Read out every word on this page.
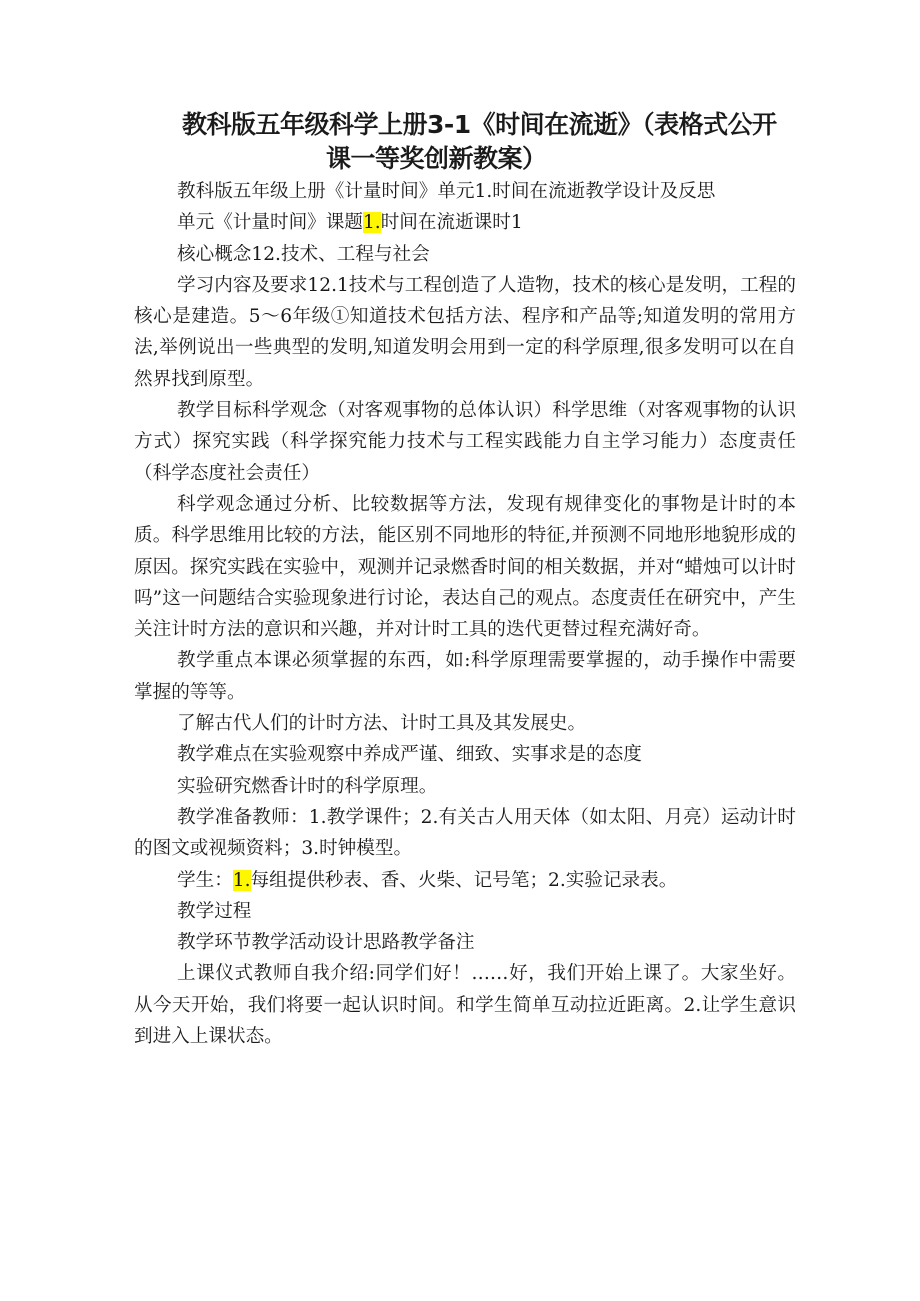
教科版五年级科学上册3-1《时间在流逝》（表格式公开
课一等奖创新教案）

教科版五年级上册《计量时间》单元1.时间在流逝教学设计及反思

单元《计量时间》课题1.时间在流逝课时1

核心概念12.技术、工程与社会

学习内容及要求12.1技术与工程创造了人造物，技术的核心是发明，工程的核心是建造。5～6年级①知道技术包括方法、程序和产品等;知道发明的常用方法,举例说出一些典型的发明,知道发明会用到一定的科学原理,很多发明可以在自然界找到原型。

教学目标科学观念（对客观事物的总体认识）科学思维（对客观事物的认识方式）探究实践（科学探究能力技术与工程实践能力自主学习能力）态度责任（科学态度社会责任）

科学观念通过分析、比较数据等方法，发现有规律变化的事物是计时的本质。科学思维用比较的方法，能区别不同地形的特征,并预测不同地形地貌形成的原因。探究实践在实验中，观测并记录燃香时间的相关数据，并对“蜡烛可以计时吗”这一问题结合实验现象进行讨论，表达自己的观点。态度责任在研究中，产生关注计时方法的意识和兴趣，并对计时工具的迭代更替过程充满好奇。

教学重点本课必须掌握的东西，如:科学原理需要掌握的，动手操作中需要掌握的等等。

了解古代人们的计时方法、计时工具及其发展史。

教学难点在实验观察中养成严谨、细致、实事求是的态度

实验研究燃香计时的科学原理。

教学准备教师：1.教学课件；2.有关古人用天体（如太阳、月亮）运动计时的图文或视频资料；3.时钟模型。

学生：1.每组提供秒表、香、火柴、记号笔；2.实验记录表。

教学过程

教学环节教学活动设计思路教学备注

上课仪式教师自我介绍:同学们好！……好，我们开始上课了。大家坐好。从今天开始，我们将要一起认识时间。和学生简单互动拉近距离。2.让学生意识到进入上课状态。
